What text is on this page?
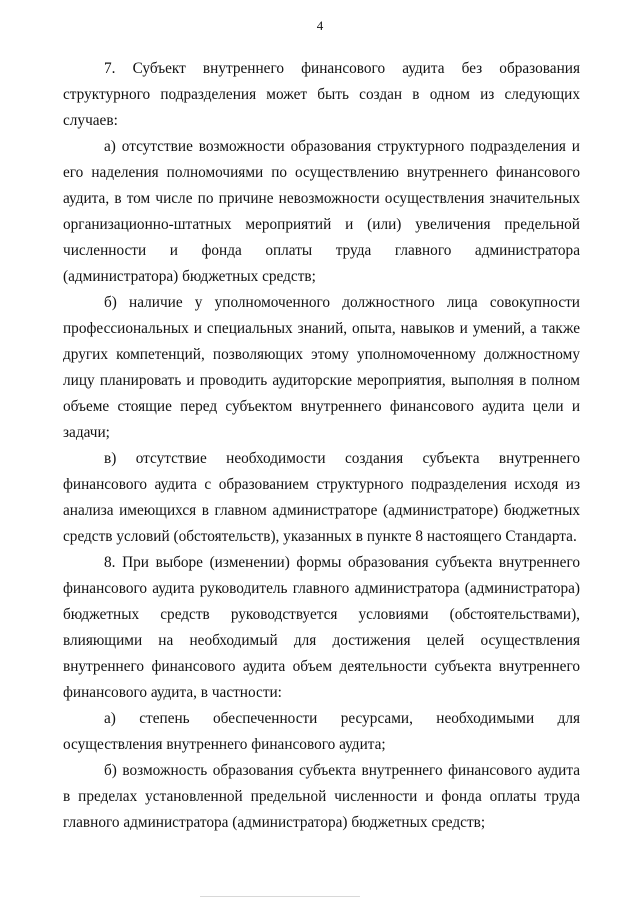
4

7. Субъект внутреннего финансового аудита без образования структурного подразделения может быть создан в одном из следующих случаев:

а) отсутствие возможности образования структурного подразделения и его наделения полномочиями по осуществлению внутреннего финансового аудита, в том числе по причине невозможности осуществления значительных организационно-штатных мероприятий и (или) увеличения предельной численности и фонда оплаты труда главного администратора (администратора) бюджетных средств;

б) наличие у уполномоченного должностного лица совокупности профессиональных и специальных знаний, опыта, навыков и умений, а также других компетенций, позволяющих этому уполномоченному должностному лицу планировать и проводить аудиторские мероприятия, выполняя в полном объеме стоящие перед субъектом внутреннего финансового аудита цели и задачи;

в) отсутствие необходимости создания субъекта внутреннего финансового аудита с образованием структурного подразделения исходя из анализа имеющихся в главном администраторе (администраторе) бюджетных средств условий (обстоятельств), указанных в пункте 8 настоящего Стандарта.

8. При выборе (изменении) формы образования субъекта внутреннего финансового аудита руководитель главного администратора (администратора) бюджетных средств руководствуется условиями (обстоятельствами), влияющими на необходимый для достижения целей осуществления внутреннего финансового аудита объем деятельности субъекта внутреннего финансового аудита, в частности:

а) степень обеспеченности ресурсами, необходимыми для осуществления внутреннего финансового аудита;

б) возможность образования субъекта внутреннего финансового аудита в пределах установленной предельной численности и фонда оплаты труда главного администратора (администратора) бюджетных средств;
